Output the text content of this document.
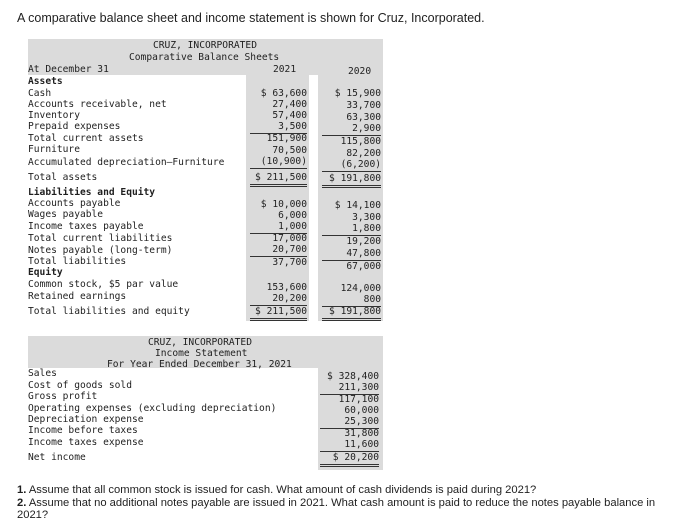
A comparative balance sheet and income statement is shown for Cruz, Incorporated.
CRUZ, INCORPORATED
Comparative Balance Sheets
At December 31	2021	2020
Assets
Cash
Accounts receivable, net
Inventory
Prepaid expenses
Total current assets
Furniture
Accumulated depreciation–Furniture
Total assets
Liabilities and Equity
Accounts payable
Wages payable
Income taxes payable
Total current liabilities
Notes payable (long-term)
Total liabilities
Equity
Common stock, $5 par value
Retained earnings
Total liabilities and equity
$ 63,600
27,400
57,400
3,500
151,900
70,500
(10,900)
$ 211,500
$ 10,000
6,000
1,000
17,000
20,700
37,700
153,600
20,200
$ 211,500
$ 15,900
33,700
63,300
2,900
115,800
82,200
(6,200)
$ 191,800
$ 14,100
3,300
1,800
19,200
47,800
67,000
124,000
800
$ 191,800
CRUZ, INCORPORATED
Income Statement
For Year Ended December 31, 2021
Sales
Cost of goods sold
Gross profit
Operating expenses (excluding depreciation)
Depreciation expense
Income before taxes
Income taxes expense
Net income
$ 328,400
211,300
117,100
60,000
25,300
31,800
11,600
$ 20,200
1. Assume that all common stock is issued for cash. What amount of cash dividends is paid during 2021?
2. Assume that no additional notes payable are issued in 2021. What cash amount is paid to reduce the notes payable balance in
2021?
